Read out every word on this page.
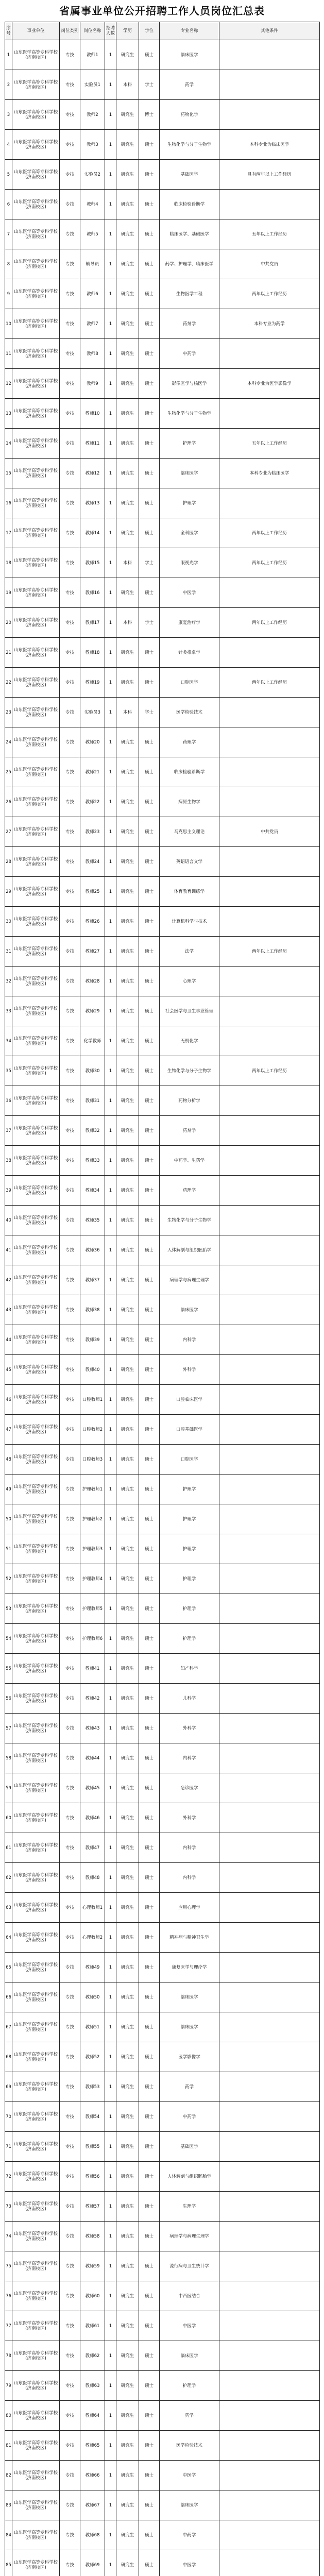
省属事业单位公开招聘工作人员岗位汇总表
序号	事业单位	岗位类别	岗位名称	招聘人数	学历	学位	专业名称	其他条件
1	山东医学高等专科学校(济南校区)	专技	教师1	1	研究生	硕士	临床医学	
2	山东医学高等专科学校(济南校区)	专技	实验员1	1	本科	学士	药学	
3	山东医学高等专科学校(济南校区)	专技	教师2	1	研究生	博士	药物化学	
4	山东医学高等专科学校(济南校区)	专技	教师3	1	研究生	硕士	生物化学与分子生物学	本科专业为临床医学
5	山东医学高等专科学校(济南校区)	专技	实验员2	1	研究生	硕士	基础医学	具有两年以上工作经历
6	山东医学高等专科学校(济南校区)	专技	教师4	1	研究生	硕士	临床检验诊断学	
7	山东医学高等专科学校(济南校区)	专技	教师5	1	研究生	硕士	临床医学、基础医学	五年以上工作经历
8	山东医学高等专科学校(济南校区)	专技	辅导员	1	研究生	硕士	药学、护理学、临床医学	中共党员
9	山东医学高等专科学校(济南校区)	专技	教师6	1	研究生	硕士	生物医学工程	两年以上工作经历
10	山东医学高等专科学校(济南校区)	专技	教师7	1	研究生	硕士	药剂学	本科专业为药学
11	山东医学高等专科学校(济南校区)	专技	教师8	1	研究生	硕士	中药学	
12	山东医学高等专科学校(济南校区)	专技	教师9	1	研究生	硕士	影像医学与核医学	本科专业为医学影像学
13	山东医学高等专科学校(济南校区)	专技	教师10	1	研究生	硕士	生物化学与分子生物学	
14	山东医学高等专科学校(济南校区)	专技	教师11	1	研究生	硕士	护理学	五年以上工作经历
15	山东医学高等专科学校(济南校区)	专技	教师12	1	研究生	硕士	临床医学	本科专业为临床医学
16	山东医学高等专科学校(济南校区)	专技	教师13	1	研究生	硕士	护理学	
17	山东医学高等专科学校(济南校区)	专技	教师14	1	研究生	硕士	全科医学	两年以上工作经历
18	山东医学高等专科学校(济南校区)	专技	教师15	1	本科	学士	眼视光学	两年以上工作经历
19	山东医学高等专科学校(济南校区)	专技	教师16	1	研究生	硕士	中医学	
20	山东医学高等专科学校(济南校区)	专技	教师17	1	本科	学士	康复治疗学	两年以上工作经历
21	山东医学高等专科学校(济南校区)	专技	教师18	1	研究生	硕士	针灸推拿学	
22	山东医学高等专科学校(济南校区)	专技	教师19	1	研究生	硕士	口腔医学	两年以上工作经历
23	山东医学高等专科学校(济南校区)	专技	实验员3	1	本科	学士	医学检验技术	
24	山东医学高等专科学校(济南校区)	专技	教师20	1	研究生	硕士	药理学	
25	山东医学高等专科学校(济南校区)	专技	教师21	1	研究生	硕士	临床检验诊断学	
26	山东医学高等专科学校(济南校区)	专技	教师22	1	研究生	硕士	病原生物学	
27	山东医学高等专科学校(济南校区)	专技	教师23	1	研究生	硕士	马克思主义理论	中共党员
28	山东医学高等专科学校(济南校区)	专技	教师24	1	研究生	硕士	英语语言文学	
29	山东医学高等专科学校(济南校区)	专技	教师25	1	研究生	硕士	体育教育训练学	
30	山东医学高等专科学校(济南校区)	专技	教师26	1	研究生	硕士	计算机科学与技术	
31	山东医学高等专科学校(济南校区)	专技	教师27	1	研究生	硕士	法学	两年以上工作经历
32	山东医学高等专科学校(济南校区)	专技	教师28	1	研究生	硕士	心理学	
33	山东医学高等专科学校(济南校区)	专技	教师29	1	研究生	硕士	社会医学与卫生事业管理	
34	山东医学高等专科学校(济南校区)	专技	化学教师	1	研究生	硕士	无机化学	
35	山东医学高等专科学校(济南校区)	专技	教师30	1	研究生	硕士	生物化学与分子生物学	两年以上工作经历
36	山东医学高等专科学校(济南校区)	专技	教师31	1	研究生	硕士	药物分析学	
37	山东医学高等专科学校(济南校区)	专技	教师32	1	研究生	硕士	药剂学	
38	山东医学高等专科学校(济南校区)	专技	教师33	1	研究生	硕士	中药学、生药学	
39	山东医学高等专科学校(济南校区)	专技	教师34	1	研究生	硕士	药理学	
40	山东医学高等专科学校(济南校区)	专技	教师35	1	研究生	硕士	生物化学与分子生物学	
41	山东医学高等专科学校(济南校区)	专技	教师36	1	研究生	硕士	人体解剖与组织胚胎学	
42	山东医学高等专科学校(济南校区)	专技	教师37	1	研究生	硕士	病理学与病理生理学	
43	山东医学高等专科学校(济南校区)	专技	教师38	1	研究生	硕士	临床医学	
44	山东医学高等专科学校(济南校区)	专技	教师39	1	研究生	硕士	内科学	
45	山东医学高等专科学校(济南校区)	专技	教师40	1	研究生	硕士	外科学	
46	山东医学高等专科学校(济南校区)	专技	口腔教师1	1	研究生	硕士	口腔临床医学	
47	山东医学高等专科学校(济南校区)	专技	口腔教师2	1	研究生	硕士	口腔基础医学	
48	山东医学高等专科学校(济南校区)	专技	口腔教师3	1	研究生	硕士	口腔医学	
49	山东医学高等专科学校(济南校区)	专技	护理教师1	1	研究生	硕士	护理学	
50	山东医学高等专科学校(济南校区)	专技	护理教师2	1	研究生	硕士	护理学	
51	山东医学高等专科学校(济南校区)	专技	护理教师3	1	研究生	硕士	护理学	
52	山东医学高等专科学校(济南校区)	专技	护理教师4	1	研究生	硕士	护理学	
53	山东医学高等专科学校(济南校区)	专技	护理教师5	1	研究生	硕士	护理学	
54	山东医学高等专科学校(济南校区)	专技	护理教师6	1	研究生	硕士	护理学	
55	山东医学高等专科学校(济南校区)	专技	教师41	1	研究生	硕士	妇产科学	
56	山东医学高等专科学校(济南校区)	专技	教师42	1	研究生	硕士	儿科学	
57	山东医学高等专科学校(济南校区)	专技	教师43	1	研究生	硕士	外科学	
58	山东医学高等专科学校(济南校区)	专技	教师44	1	研究生	硕士	内科学	
59	山东医学高等专科学校(济南校区)	专技	教师45	1	研究生	硕士	急诊医学	
60	山东医学高等专科学校(济南校区)	专技	教师46	1	研究生	硕士	外科学	
61	山东医学高等专科学校(济南校区)	专技	教师47	1	研究生	硕士	内科学	
62	山东医学高等专科学校(济南校区)	专技	教师48	1	研究生	硕士	内科学	
63	山东医学高等专科学校(济南校区)	专技	心理教师1	1	研究生	硕士	应用心理学	
64	山东医学高等专科学校(济南校区)	专技	心理教师2	1	研究生	硕士	精神病与精神卫生学	
65	山东医学高等专科学校(济南校区)	专技	教师49	1	研究生	硕士	康复医学与理疗学	
66	山东医学高等专科学校(济南校区)	专技	教师50	1	研究生	硕士	临床医学	
67	山东医学高等专科学校(济南校区)	专技	教师51	1	研究生	硕士	临床医学	
68	山东医学高等专科学校(济南校区)	专技	教师52	1	研究生	硕士	医学影像学	
69	山东医学高等专科学校(济南校区)	专技	教师53	1	研究生	硕士	药学	
70	山东医学高等专科学校(济南校区)	专技	教师54	1	研究生	硕士	中药学	
71	山东医学高等专科学校(济南校区)	专技	教师55	1	研究生	硕士	基础医学	
72	山东医学高等专科学校(济南校区)	专技	教师56	1	研究生	硕士	人体解剖与组织胚胎学	
73	山东医学高等专科学校(济南校区)	专技	教师57	1	研究生	硕士	生理学	
74	山东医学高等专科学校(济南校区)	专技	教师58	1	研究生	硕士	病理学与病理生理学	
75	山东医学高等专科学校(济南校区)	专技	教师59	1	研究生	硕士	流行病与卫生统计学	
76	山东医学高等专科学校(济南校区)	专技	教师60	1	研究生	硕士	中西医结合	
77	山东医学高等专科学校(济南校区)	专技	教师61	1	研究生	硕士	中医学	
78	山东医学高等专科学校(济南校区)	专技	教师62	1	研究生	硕士	临床医学	
79	山东医学高等专科学校(济南校区)	专技	教师63	1	研究生	硕士	护理学	
80	山东医学高等专科学校(济南校区)	专技	教师64	1	研究生	硕士	药学	
81	山东医学高等专科学校(济南校区)	专技	教师65	1	研究生	硕士	医学检验技术	
82	山东医学高等专科学校(济南校区)	专技	教师66	1	研究生	硕士	中医学	
83	山东医学高等专科学校(济南校区)	专技	教师67	1	研究生	硕士	临床医学	
84	山东医学高等专科学校(济南校区)	专技	教师68	1	研究生	硕士	中药学	
85	山东医学高等专科学校(济南校区)	专技	教师69	1	研究生	硕士	中医学	
